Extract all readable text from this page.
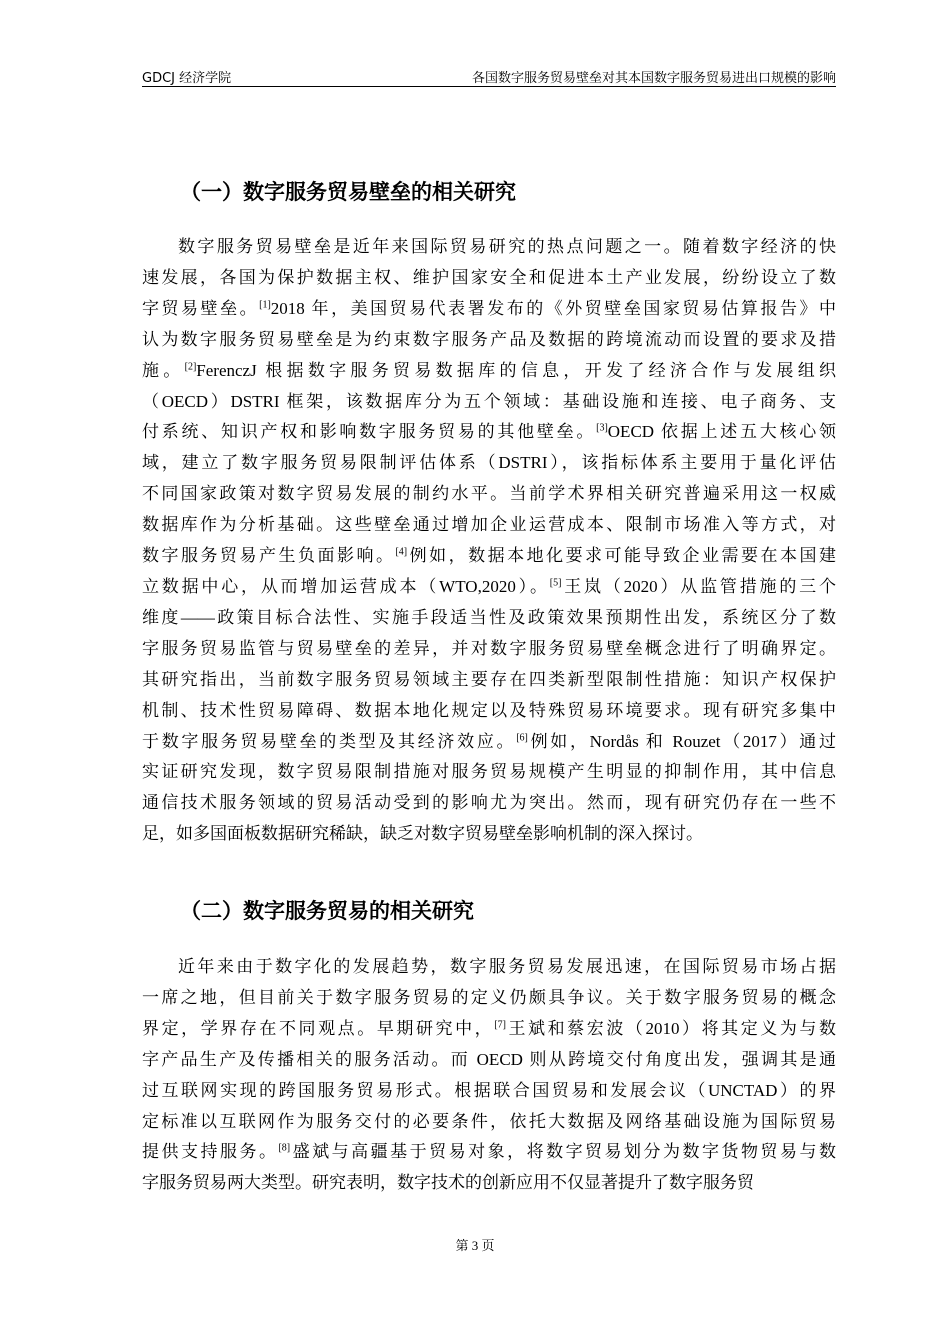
GDCJ 经济学院	各国数字服务贸易壁垒对其本国数字服务贸易进出口规模的影响
（一）数字服务贸易壁垒的相关研究
数字服务贸易壁垒是近年来国际贸易研究的热点问题之一。随着数字经济的快
速发展，各国为保护数据主权、维护国家安全和促进本土产业发展，纷纷设立了数
字贸易壁垒。[1]2018 年，美国贸易代表署发布的《外贸壁垒国家贸易估算报告》中
认为数字服务贸易壁垒是为约束数字服务产品及数据的跨境流动而设置的要求及措
施。[2]FerenczJ 根据数字服务贸易数据库的信息，开发了经济合作与发展组织
（OECD）DSTRI 框架，该数据库分为五个领域：基础设施和连接、电子商务、支
付系统、知识产权和影响数字服务贸易的其他壁垒。[3]OECD 依据上述五大核心领
域，建立了数字服务贸易限制评估体系（DSTRI），该指标体系主要用于量化评估
不同国家政策对数字贸易发展的制约水平。当前学术界相关研究普遍采用这一权威
数据库作为分析基础。这些壁垒通过增加企业运营成本、限制市场准入等方式，对
数字服务贸易产生负面影响。[4]例如，数据本地化要求可能导致企业需要在本国建
立数据中心，从而增加运营成本（WTO,2020）。[5]王岚（2020）从监管措施的三个
维度——政策目标合法性、实施手段适当性及政策效果预期性出发，系统区分了数
字服务贸易监管与贸易壁垒的差异，并对数字服务贸易壁垒概念进行了明确界定。
其研究指出，当前数字服务贸易领域主要存在四类新型限制性措施：知识产权保护
机制、技术性贸易障碍、数据本地化规定以及特殊贸易环境要求。现有研究多集中
于数字服务贸易壁垒的类型及其经济效应。[6]例如，Nordås 和 Rouzet（2017）通过
实证研究发现，数字贸易限制措施对服务贸易规模产生明显的抑制作用，其中信息
通信技术服务领域的贸易活动受到的影响尤为突出。然而，现有研究仍存在一些不
足，如多国面板数据研究稀缺，缺乏对数字贸易壁垒影响机制的深入探讨。
（二）数字服务贸易的相关研究
近年来由于数字化的发展趋势，数字服务贸易发展迅速，在国际贸易市场占据
一席之地，但目前关于数字服务贸易的定义仍颇具争议。关于数字服务贸易的概念
界定，学界存在不同观点。早期研究中，[7]王斌和蔡宏波（2010）将其定义为与数
字产品生产及传播相关的服务活动。而 OECD 则从跨境交付角度出发，强调其是通
过互联网实现的跨国服务贸易形式。根据联合国贸易和发展会议（UNCTAD）的界
定标准以互联网作为服务交付的必要条件，依托大数据及网络基础设施为国际贸易
提供支持服务。[8]盛斌与高疆基于贸易对象，将数字贸易划分为数字货物贸易与数
字服务贸易两大类型。研究表明，数字技术的创新应用不仅显著提升了数字服务贸
第 3 页
